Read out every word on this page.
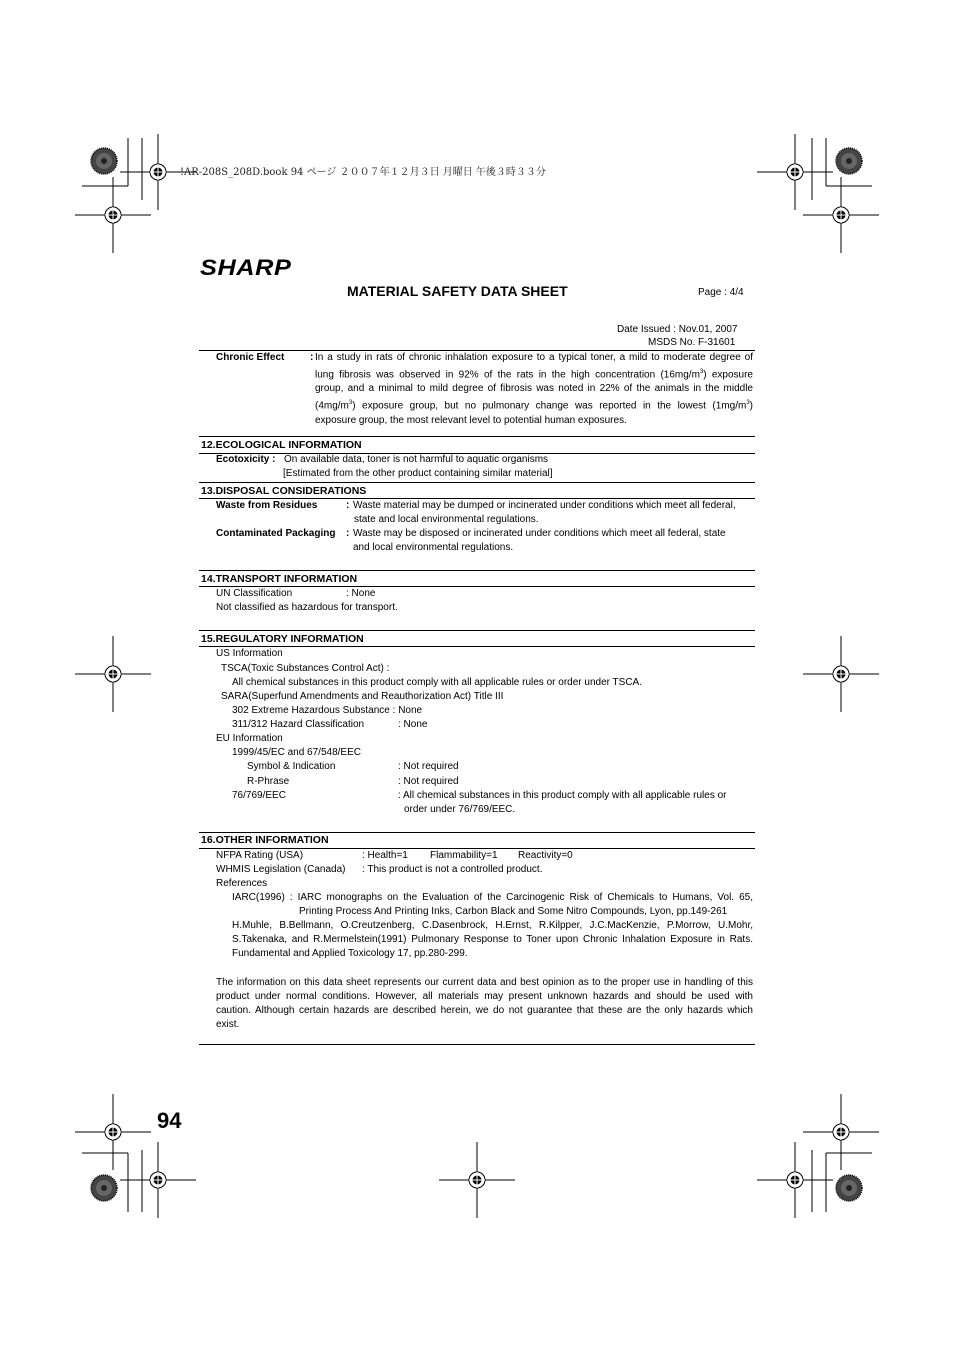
!AR-208S_208D.book 94 ページ ２００７年１２月３日 月曜日 午後３時３３分
SHARP
MATERIAL SAFETY DATA SHEET	Page : 4/4
Date Issued : Nov.01, 2007
MSDS No. F-31601
Chronic Effect	: In a study in rats of chronic inhalation exposure to a typical toner, a mild to moderate degree of
lung fibrosis was observed in 92% of the rats in the high concentration $(16mg/m^3)$ exposure
group, and a minimal to mild degree of fibrosis was noted in 22% of the animals in the middle
$(4mg/m^3)$ exposure group, but no pulmonary change was reported in the lowest $(1mg/m^3)$
exposure group, the most relevant level to potential human exposures.
12.ECOLOGICAL INFORMATION
Ecotoxicity : On available data, toner is not harmful to aquatic organisms
[Estimated from the other product containing similar material]
13.DISPOSAL CONSIDERATIONS
Waste from Residues	: Waste material may be dumped or incinerated under conditions which meet all federal,
state and local environmental regulations.
Contaminated Packaging : Waste may be disposed or incinerated under conditions which meet all federal, state
and local environmental regulations.
14.TRANSPORT INFORMATION
UN Classification	: None
Not classified as hazardous for transport.
15.REGULATORY INFORMATION
US Information
TSCA(Toxic Substances Control Act) :
All chemical substances in this product comply with all applicable rules or order under TSCA.
SARA(Superfund Amendments and Reauthorization Act) Title III
302 Extreme Hazardous Substance : None
311/312 Hazard Classification	: None
EU Information
1999/45/EC and 67/548/EEC
Symbol & Indication	: Not required
R-Phrase	: Not required
76/769/EEC	: All chemical substances in this product comply with all applicable rules or
order under 76/769/EEC.
16.OTHER INFORMATION
NFPA Rating (USA)	: Health=1 Flammability=1 Reactivity=0
WHMIS Legislation (Canada) : This product is not a controlled product.
References
IARC(1996) : IARC monographs on the Evaluation of the Carcinogenic Risk of Chemicals to Humans, Vol. 65,
Printing Process And Printing Inks, Carbon Black and Some Nitro Compounds, Lyon, pp.149-261
H.Muhle, B.Bellmann, O.Creutzenberg, C.Dasenbrock, H.Ernst, R.Kilpper, J.C.MacKenzie, P.Morrow, U.Mohr,
S.Takenaka, and R.Mermelstein(1991) Pulmonary Response to Toner upon Chronic Inhalation Exposure in Rats.
Fundamental and Applied Toxicology 17, pp.280-299.
The information on this data sheet represents our current data and best opinion as to the proper use in handling of this
product under normal conditions. However, all materials may present unknown hazards and should be used with
caution. Although certain hazards are described herein, we do not guarantee that these are the only hazards which
exist.
94
